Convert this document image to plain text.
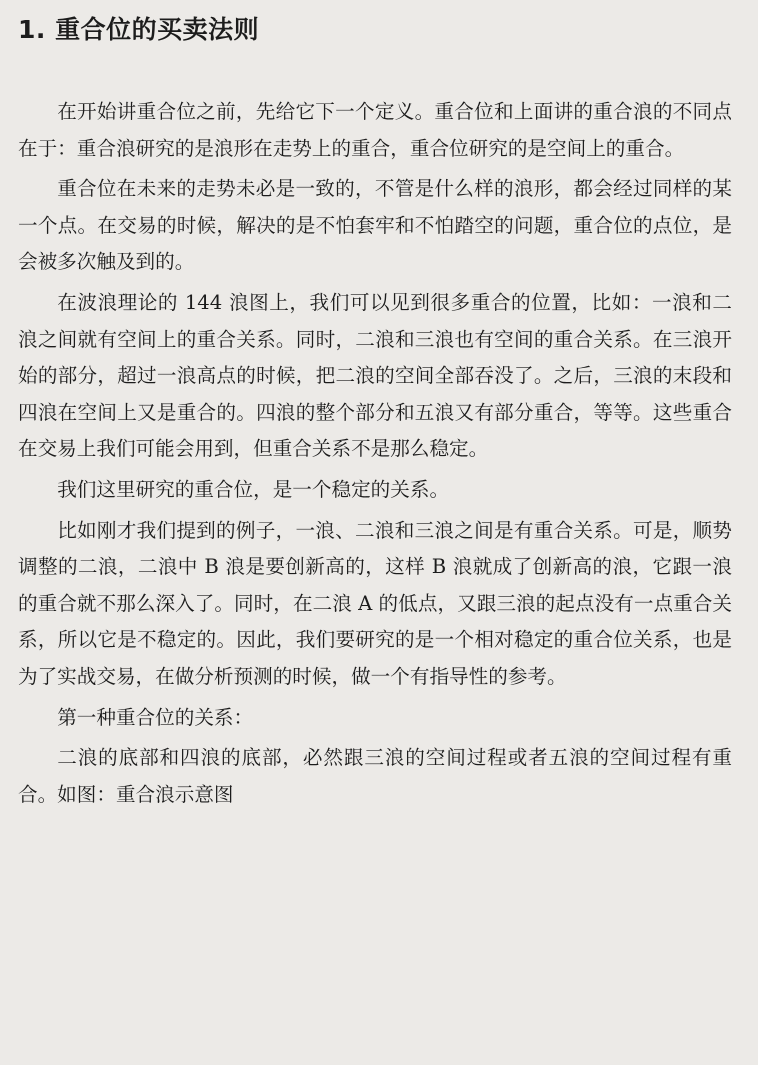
1. 重合位的买卖法则

在开始讲重合位之前，先给它下一个定义。重合位和上面讲的重合浪的不同点在于：重合浪研究的是浪形在走势上的重合，重合位研究的是空间上的重合。

重合位在未来的走势未必是一致的，不管是什么样的浪形，都会经过同样的某一个点。在交易的时候，解决的是不怕套牢和不怕踏空的问题，重合位的点位，是会被多次触及到的。

在波浪理论的 144 浪图上，我们可以见到很多重合的位置，比如：一浪和二浪之间就有空间上的重合关系。同时，二浪和三浪也有空间的重合关系。在三浪开始的部分，超过一浪高点的时候，把二浪的空间全部吞没了。之后，三浪的末段和四浪在空间上又是重合的。四浪的整个部分和五浪又有部分重合，等等。这些重合在交易上我们可能会用到，但重合关系不是那么稳定。

我们这里研究的重合位，是一个稳定的关系。

比如刚才我们提到的例子，一浪、二浪和三浪之间是有重合关系。可是，顺势调整的二浪，二浪中 B 浪是要创新高的，这样 B 浪就成了创新高的浪，它跟一浪的重合就不那么深入了。同时，在二浪 A 的低点，又跟三浪的起点没有一点重合关系，所以它是不稳定的。因此，我们要研究的是一个相对稳定的重合位关系，也是为了实战交易，在做分析预测的时候，做一个有指导性的参考。

第一种重合位的关系：

二浪的底部和四浪的底部，必然跟三浪的空间过程或者五浪的空间过程有重合。如图：重合浪示意图
